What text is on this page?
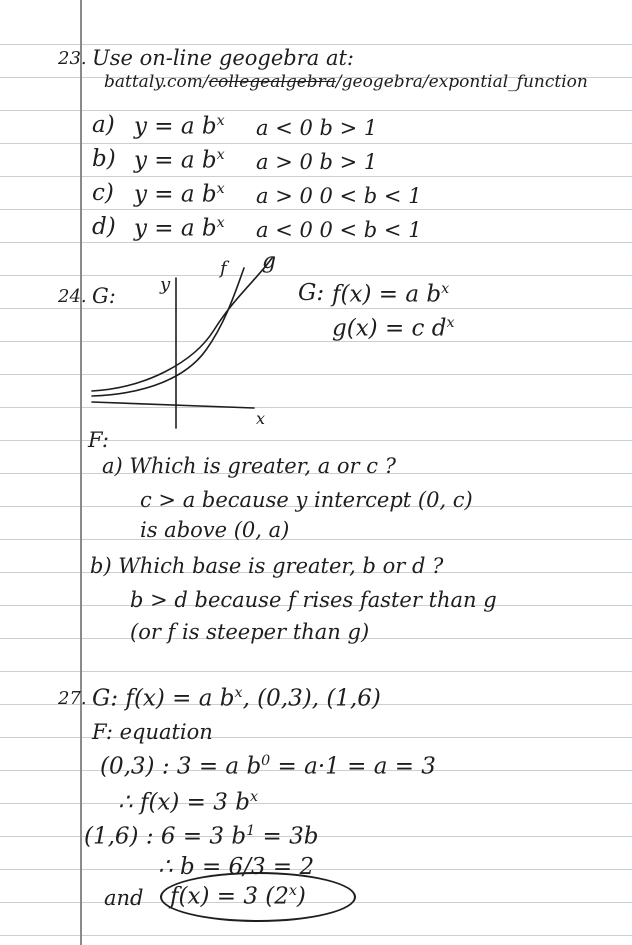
23. Use on-line geogebra at:
battaly.com/collegealgebra/geogebra/expontial_function
a) y = a $b^x$ a < 0 b > 1
b) y = a $b^x$ a > 0 b > 1
c) y = a $b^x$ a > 0 0 < b < 1
d) y = a $b^x$ a < 0 0 < b < 1
24. G: y
x
f g
G: f(x) = a $b^x$
g(x) = c $d^x$
F:
a) Which is greater, a or c ?
c > a because y intercept (0, c)
is above (0, a)
b) Which base is greater, b or d ?
b > d because f rises faster than g
(or f is steeper than g)
27. G: f(x) = a $b^x$, (0,3), (1,6)
F: equation
(0,3) : 3 = a $b^0 = a\cdot 1 = a = 3$
∴ f(x) = 3 $b^x$
(1,6) : 6 = 3 $b^1 = 3b$
∴ b = 6/3 = 2
and f(x) = 3 (2$^x$)
